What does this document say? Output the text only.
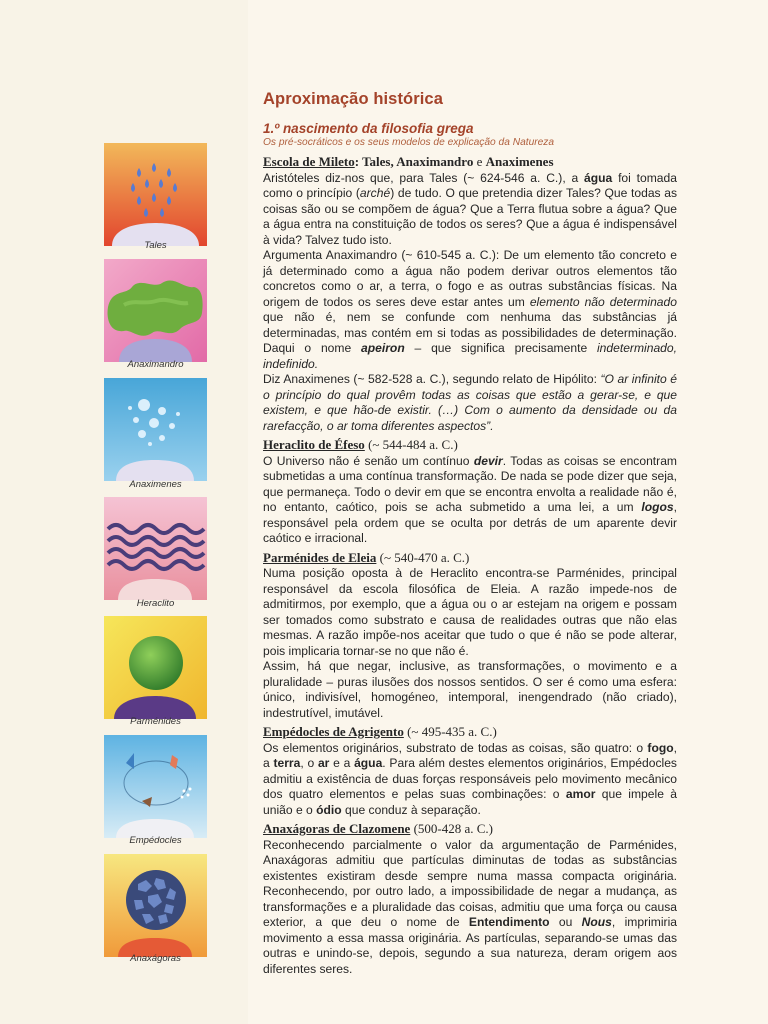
Tales
Anaximandro
Anaximenes
Heraclito
Parménides
Empédocles
Anaxágoras
Aproximação histórica
1.º nascimento da filosofia grega
Os pré-socráticos e os seus modelos de explicação da Natureza

Escola de Mileto: Tales, Anaximandro e Anaximenes

Aristóteles diz-nos que, para Tales (~ 624-546 a. C.), a água foi tomada como o princípio (arché) de tudo. O que pretendia dizer Tales? Que todas as coisas são ou se compõem de água? Que a Terra flutua sobre a água? Que a água entra na constituição de todos os seres? Que a água é indispensável à vida? Talvez tudo isto.

Argumenta Anaximandro (~ 610-545 a. C.): De um elemento tão concreto e já determinado como a água não podem derivar outros elementos tão concretos como o ar, a terra, o fogo e as outras substâncias físicas. Na origem de todos os seres deve estar antes um elemento não determinado que não é, nem se confunde com nenhuma das substâncias já determinadas, mas contém em si todas as possibilidades de determinação. Daqui o nome apeiron – que significa precisamente indeterminado, indefinido.

Diz Anaximenes (~ 582-528 a. C.), segundo relato de Hipólito: “O ar infinito é o princípio do qual provêm todas as coisas que estão a gerar-se, e que existem, e que hão-de existir. (…) Com o aumento da densidade ou da rarefacção, o ar toma diferentes aspectos”.

Heraclito de Éfeso (~ 544-484 a. C.)

O Universo não é senão um contínuo devir. Todas as coisas se encontram submetidas a uma contínua transformação. De nada se pode dizer que seja, que permaneça. Todo o devir em que se encontra envolta a realidade não é, no entanto, caótico, pois se acha submetido a uma lei, a um logos, responsável pela ordem que se oculta por detrás de um aparente devir caótico e irracional.

Parménides de Eleia (~ 540-470 a. C.)

Numa posição oposta à de Heraclito encontra-se Parménides, principal responsável da escola filosófica de Eleia. A razão impede-nos de admitirmos, por exemplo, que a água ou o ar estejam na origem e possam ser tomados como substrato e causa de realidades outras que não elas mesmas. A razão impõe-nos aceitar que tudo o que é não se pode alterar, pois implicaria tornar-se no que não é.

Assim, há que negar, inclusive, as transformações, o movimento e a pluralidade – puras ilusões dos nossos sentidos. O ser é como uma esfera: único, indivisível, homogéneo, intemporal, inengendrado (não criado), indestrutível, imutável.

Empédocles de Agrigento (~ 495-435 a. C.)

Os elementos originários, substrato de todas as coisas, são quatro: o fogo, a terra, o ar e a água. Para além destes elementos originários, Empédocles admitiu a existência de duas forças responsáveis pelo movimento mecânico dos quatro elementos e pelas suas combinações: o amor que impele à união e o ódio que conduz à separação.

Anaxágoras de Clazomene (500-428 a. C.)

Reconhecendo parcialmente o valor da argumentação de Parménides, Anaxágoras admitiu que partículas diminutas de todas as substâncias existentes existiram desde sempre numa massa compacta originária. Reconhecendo, por outro lado, a impossibilidade de negar a mudança, as transformações e a pluralidade das coisas, admitiu que uma força ou causa exterior, a que deu o nome de Entendimento ou Nous, imprimiria movimento a essa massa originária. As partículas, separando-se umas das outras e unindo-se, depois, segundo a sua natureza, deram origem aos diferentes seres.
